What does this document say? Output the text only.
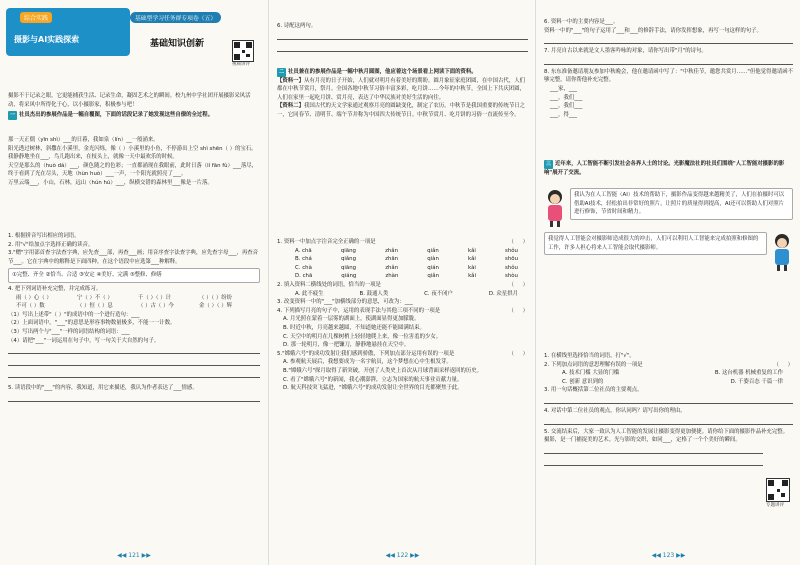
综合实践
摄影与AI实践探索
基础型学习任务群专项卷（五）
基础知识创新
视频讲评

摄影不于记录之眼，它更能捕获生活、记录生命，凝固艺术之的瞬间。校九州中学社团开展摄影采风活动，将采风中所得化于心，以小摄影家，积极参与吧！

一 社员杰出的参展作品是一幅自覆图，下面的话段记录了她发现这些自僚的全过程。

那一天正僵（yīn shì）___的日暮，我如泉（lín）__一般涌来。

阳光透过树林，斜撒在小溪里，金光闪烁，像（ ）小溪里的小鱼，不停游出上空 shì shēn（ ）的宝石。

我静静地坐在___，鸟儿跑出来，在枝头上，就像一天中最欢乐的时候。

天空是那么的（huò dá）___，颜色随之的色彩；一直都涌现在我眼前，此时日落（lí fān fù）___落尽，终于看到了光在尽头，天地（hùn huò）___一声，一个阳光就照亮了___。

万里云端___，小山，石林，远山（hún hú）___，纵横交错的森林里___像是一片落。

1. 根据拼音写出相应的词语。

2. 用"√"给加点字选择正确的读音。

3."赠"字用部首查字法查字典，应先查___部，再查___画；用音序查字法查字典，应先查字母___，再查音节___。它在字典中的解释是下面四种，在这个语段中应选第___种解释。

①完整、齐全 ②恰当、合适 ③安定 ④美好、完满 ⑤整修、修缮

4. 把下列词语补充完整，并完成练习。

雨（ ）心（ ）	宁（ ）不（ ）	千（ ）（ ）计	（ ）（ ）纷纷
不可（ ）数	（ ）恒（ ）息	（ ）古（ ）今	金（ ）（ ）辉

（1）写出上述带"（ ）"的成语中的一个进行造句：___

（2）上面词语中，"___"的意思是形容事物数量极多，不能一一计数。

（3）写出两个与"___"一样的词语结构的词语：___

（4）请把"___"一词运用在句子中，写一句关于大自然的句子。

5. 读语段中的"___"的内容，我知道，用它来描述，我认为作者表达了___情感。

◀◀ 121 ▶▶

6. 诗配这两句。

二 社员兼在的参展作品是一幅中秋月圆图，他应着这个场景看上网读下面的资料。

【资料一】从有月亮的日子开始，人们就对明月有着美好的期盼。圆月象征家庭团圆，在中国古代，人们都在中秋节赏月，祭月。全国各地中秋节习俗丰富多彩，吃月饼……今年的中秋节，全国上下共庆团圆，人们在家里一起吃月饼、赏月亮，表达了中华民族对美好生活的向往。

【资料二】我国古代的天文学家通过观察月亮的圆缺变化，制定了农历。中秋节是我国重要的传统节日之一，它同春节、清明节、端午节并称为中国四大传统节日。中秋节赏月、吃月饼的习俗一直流传至今。

1. 资料一中加点字注音完全正确的一项是	（     ）

A. chā	qiāng	zhǎn	qiǎn	kǎi	shǒu
B. chá	qiǎng	zhān	qiàn	kǎi	shōu
C. chà	qiāng	zhǎn	qián	kài	shǒu
D. chā	qiáng	zhàn	qiǎn	kǎi	shòu

2. 填入资料二横线处的词语，恰当的一项是	（     ）

A. 此不疲生	B. 鼓通人类	C. 夜不闭户	D. 众星拱月

3. 改变资料一中的"___"加横线部分的意思，可改为：___

4. 下列描写月亮的句子中，运用的表现手法与其他三项不同的一项是	（     ）

A. 月光照在蒙着一层雾的湖面上，使湖面显得更加朦胧。

B. 时近中秋，月亮越来越圆，不知道她还能不能圆满结束。

C. 天空中的明月在几棵树梢上轻轻地爬上来，像一位害羞的少女。

D. 那一轮明月，像一把镰刀，静静地悬挂在天空中。

5."嫦娥六号"的成功发射让我们感到骄傲，下列加点部分运用有误的一项是	（     ）

A. 参观航天展后，我想要成为一名宇航员，这个梦想在心中生根发芽。

B."嫦娥六号"探月取得了新突破，开创了人类史上首次从月球背面采样返回的历史。

C. 看了"嫦娥六号"的新闻，我心潮澎湃，立志为国家的航天事业贡献力量。

D. 航天科技突飞猛进，"嫦娥六号"的成功发射让全世界的目光都聚焦于此。

◀◀ 122 ▶▶

6. 资料一中的主要内容是___。

资料一中的"___"的句子运用了___和___的修辞手法，请你发挥想象，再写一句这样的句子。

7. 月亮自古以来就是文人墨客吟咏的对象，请你写出带"月"的诗句。

8. 东东准备邀请朋友参加中秋晚会，他在邀请函中写了："中秋佳节，邀您共赏月……"但他觉得邀请函不够完整，请你帮他补充完整。

___家，___

___，我们___

___，我们___

___，得___

三 近年来，人工智能不断引发社会各界人士的讨论。光影魔法社的社员们围绕"人工智能对摄影的影响"展开了交流。

我认为在人工智能（AI）技术的帮助下，摄影作品变得越来越精美了，人们在拍摄时可以借助AI技术，轻松拍出非常好的照片，让照片的质量得到提高，AI还可以帮助人们对照片进行修饰，节省时间和精力。

我觉得人工智能会对摄影师造成很大的冲击，人们可以利用人工智能来完成拍照和修图的工作，许多人担心将来人工智能会取代摄影师。

1. 在横线里选择恰当的词语，打"√"。

2. 下列加点词语的意思理解有误的一项是	（     ）

A. 技术门槛 大显的门槛	B. 这台机器 机械重复的工作
C. 创新 意识到的	D. 千姿百态 千篇一律

3. 用一句话概括第二位社员的主要观点。

4. 对话中第二位社员的观点，你认同吗？请写出你的理由。

5. 交流结束后，大家一致认为人工智能的发展让摄影变得更加便捷。请你给下面的摄影作品补充完整。

摄影，是一门捕捉美的艺术。光与影的交织，如同___，定格了一个个美好的瞬间。

专题讲评
◀◀ 123 ▶▶
